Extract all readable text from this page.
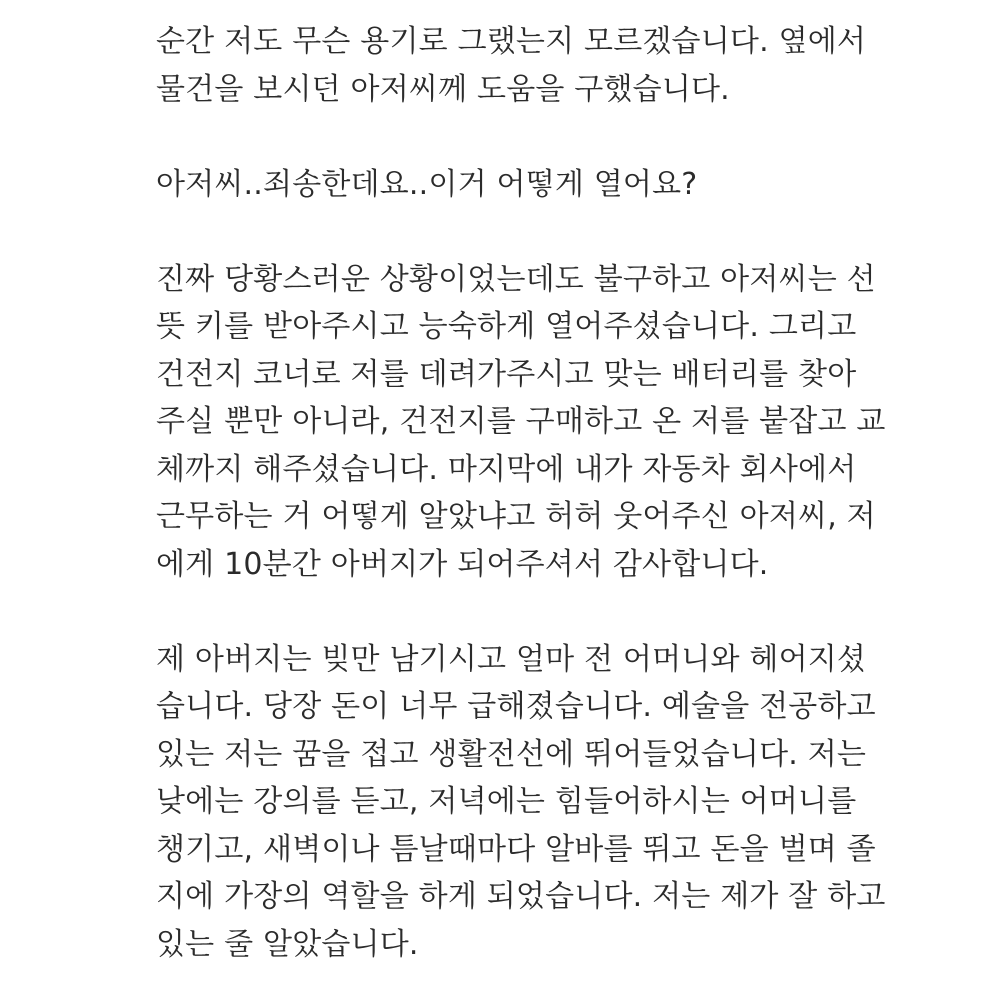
순간 저도 무슨 용기로 그랬는지 모르겠습니다. 옆에서
물건을 보시던 아저씨께 도움을 구했습니다.
아저씨..죄송한데요..이거 어떻게 열어요?
진짜 당황스러운 상황이었는데도 불구하고 아저씨는 선
뜻 키를 받아주시고 능숙하게 열어주셨습니다. 그리고
건전지 코너로 저를 데려가주시고 맞는 배터리를 찾아
주실 뿐만 아니라, 건전지를 구매하고 온 저를 붙잡고 교
체까지 해주셨습니다. 마지막에 내가 자동차 회사에서
근무하는 거 어떻게 알았냐고 허허 웃어주신 아저씨, 저
에게 10분간 아버지가 되어주셔서 감사합니다.
제 아버지는 빚만 남기시고 얼마 전 어머니와 헤어지셨
습니다. 당장 돈이 너무 급해졌습니다. 예술을 전공하고
있는 저는 꿈을 접고 생활전선에 뛰어들었습니다. 저는
낮에는 강의를 듣고, 저녁에는 힘들어하시는 어머니를
챙기고, 새벽이나 틈날때마다 알바를 뛰고 돈을 벌며 졸
지에 가장의 역할을 하게 되었습니다. 저는 제가 잘 하고
있는 줄 알았습니다.
